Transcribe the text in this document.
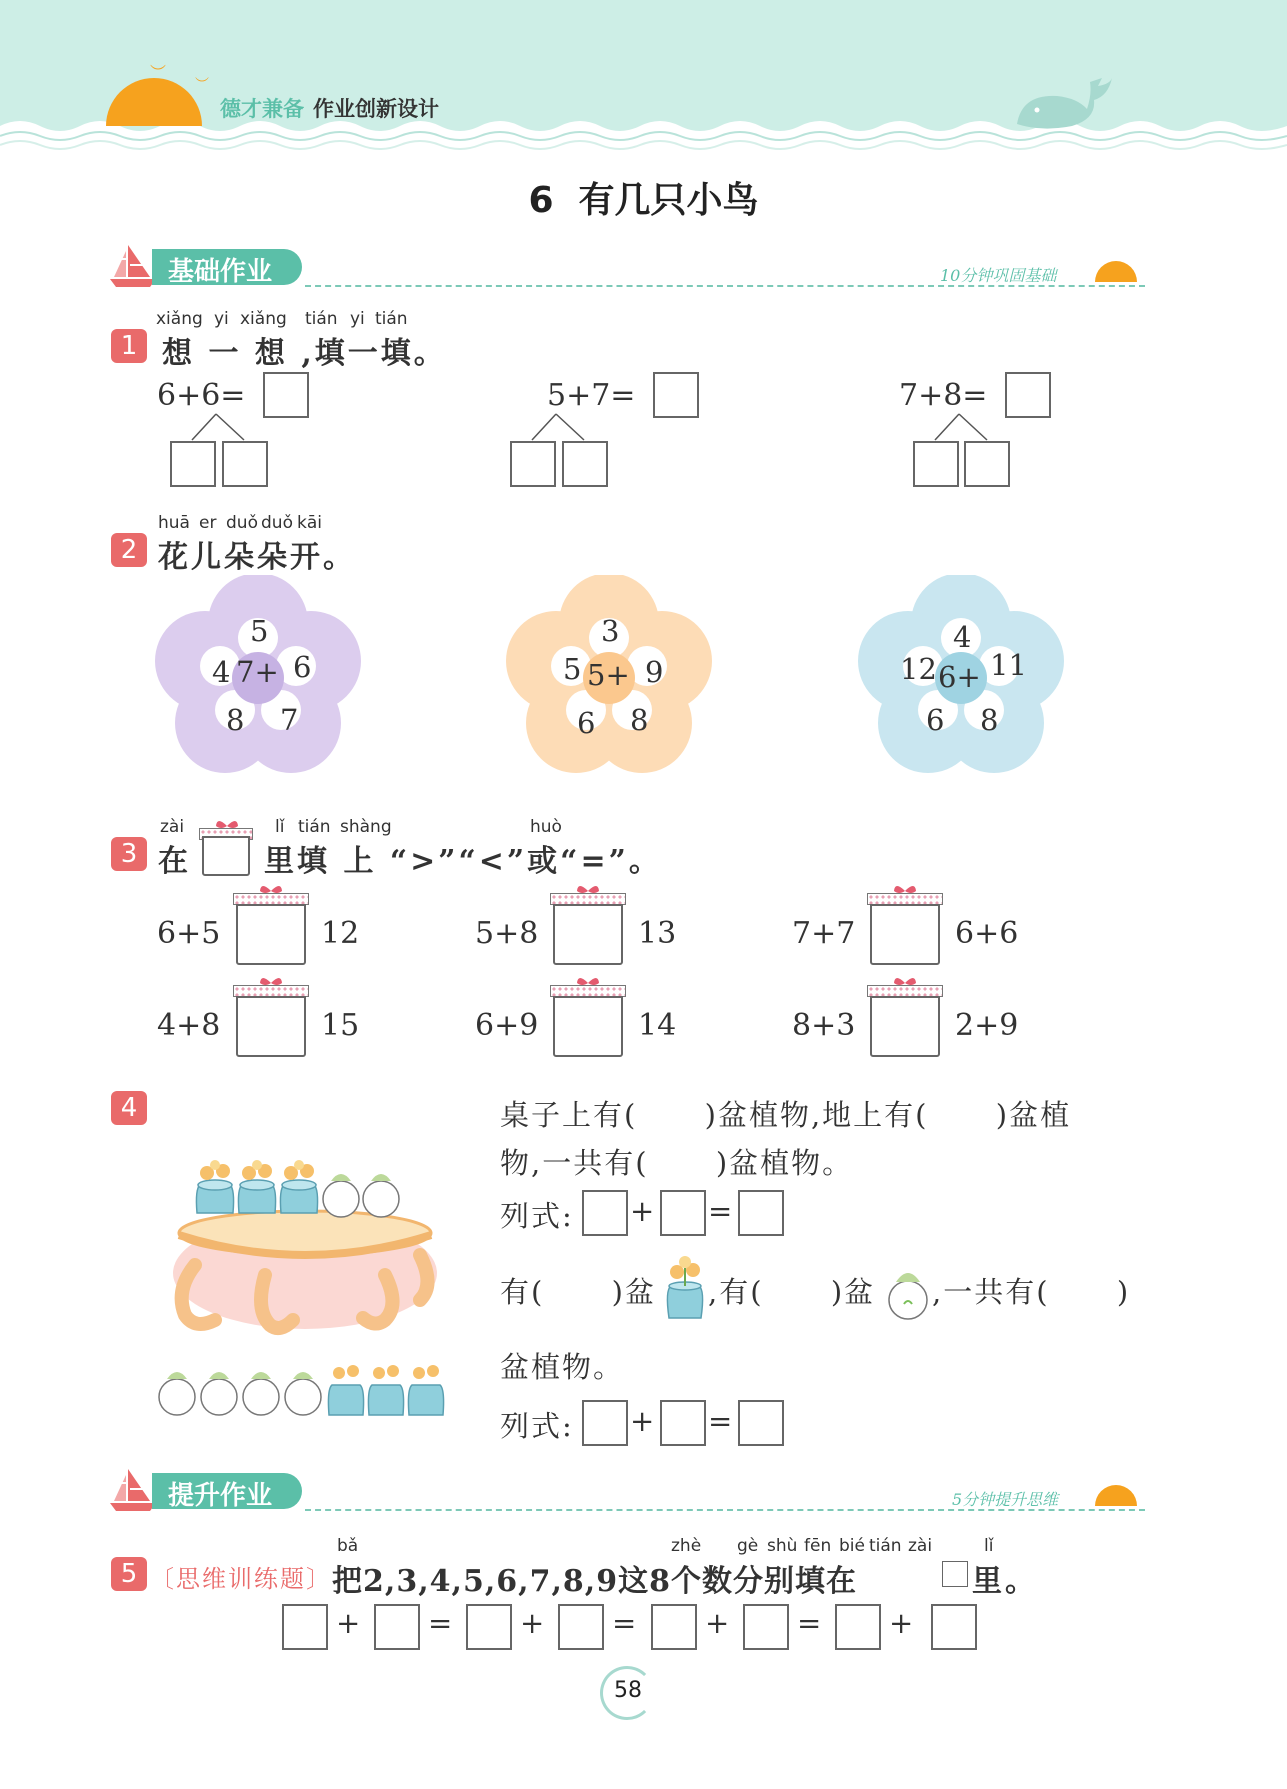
︶
︶
德才兼备 作业创新设计
6  有几只小鸟
基础作业	10分钟巩固基础
1
xiǎng yi xiǎng tián yi tián
想 一 想 ,填一填。
6+6=	5+7=	7+8=
2
huā er duǒ duǒ kāi
花儿朵朵开。
7+
5
6
7
8
4	5+
3
9
8
6
5	6+
4
11
8
6
12
3
zài	lǐ tián shàng	huò
在 里填 上 “>”“<”或“=”。
6+5	12	5+8	13	7+7	6+6
4+8	15	6+9	14	8+3	2+9
4	桌子上有(      )盆植物,地上有(      )盆植
物,一共有(      )盆植物。
列式: + =
有(      )盆 ,有(      )盆 ,一共有(      )
盆植物。
列式: + =
提升作业	5分钟提升思维
5
bǎ	zhè gè shù fēn bié tián zài	lǐ
〔思维训练题〕 把2,3,4,5,6,7,8,9这8个数分别填在	里。
+ = + = + = +
58
